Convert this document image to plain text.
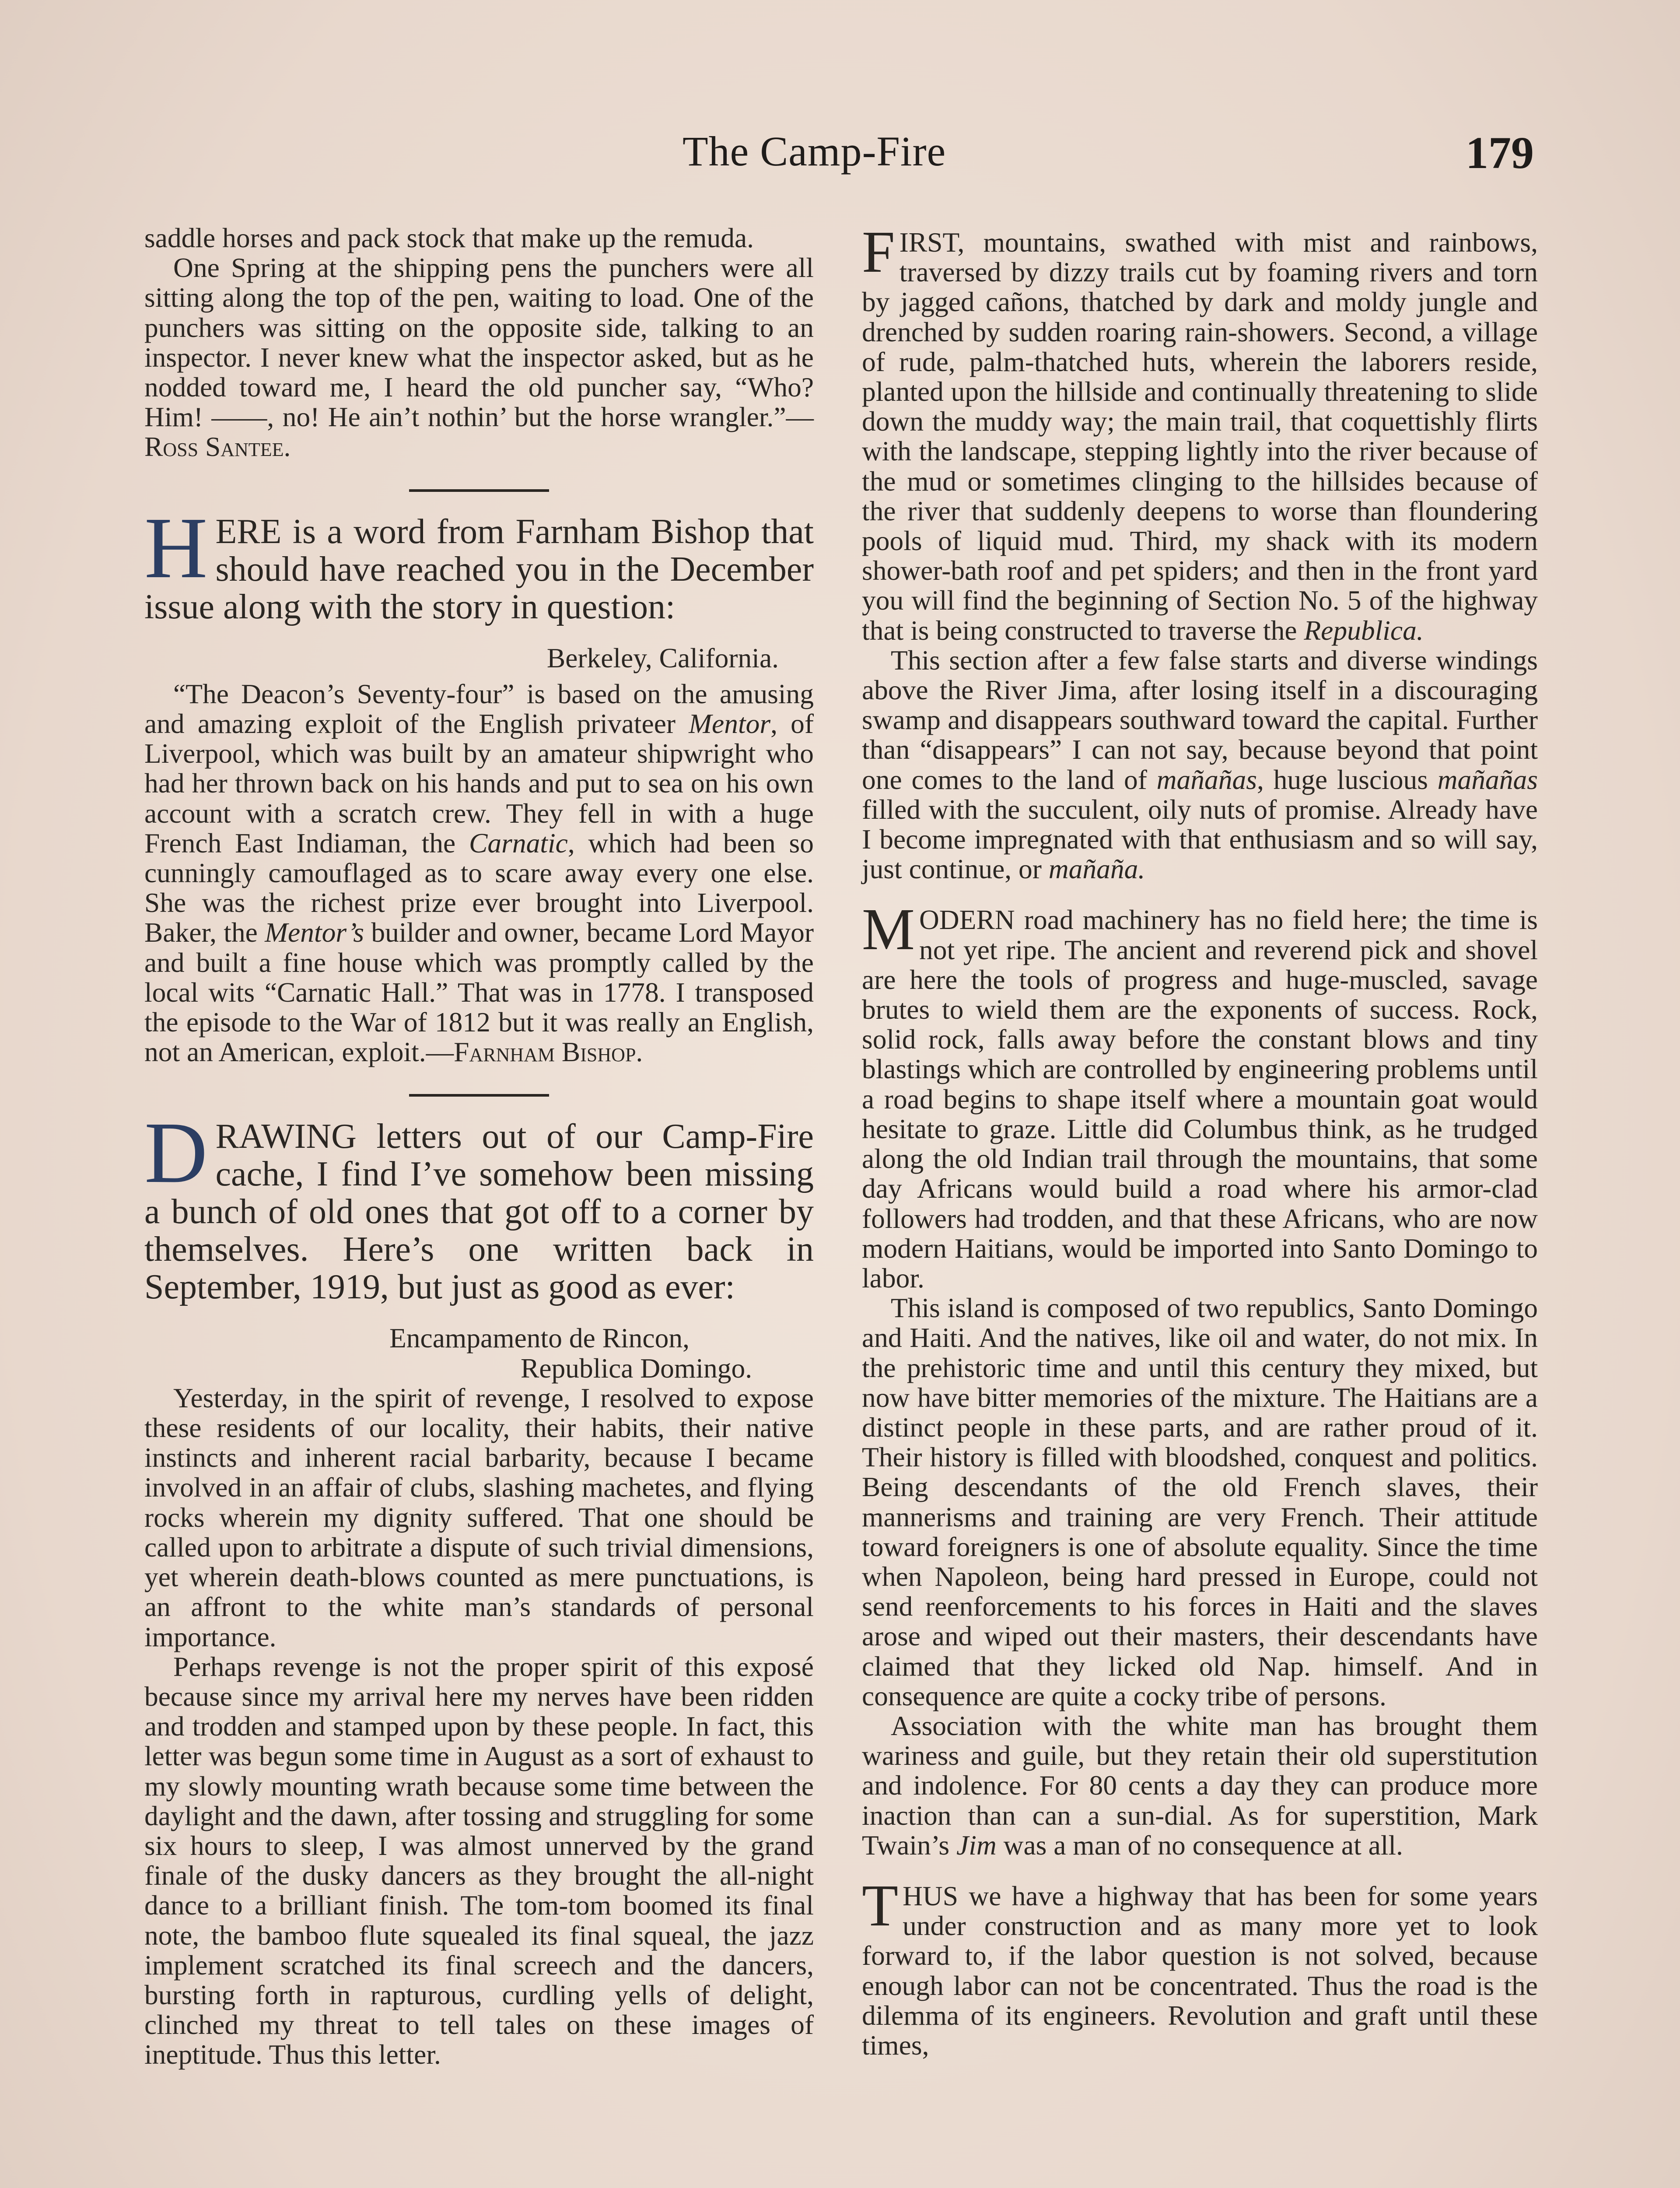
The Camp-Fire	179

saddle horses and pack stock that make up the remuda.

One Spring at the shipping pens the punchers were all sitting along the top of the pen, waiting to load. One of the punchers was sitting on the opposite side, talking to an inspector. I never knew what the inspector asked, but as he nodded toward me, I heard the old puncher say, “Who? Him! ——, no! He ain’t nothin’ but the horse wrangler.”—Ross Santee.

HERE is a word from Farnham Bishop that should have reached you in the December issue along with the story in question:

Berkeley, California.

“The Deacon’s Seventy-four” is based on the amusing and amazing exploit of the English privateer Mentor, of Liverpool, which was built by an amateur shipwright who had her thrown back on his hands and put to sea on his own account with a scratch crew. They fell in with a huge French East Indiaman, the Carnatic, which had been so cunningly camouflaged as to scare away every one else. She was the richest prize ever brought into Liverpool. Baker, the Mentor’s builder and owner, became Lord Mayor and built a fine house which was promptly called by the local wits “Carnatic Hall.” That was in 1778. I transposed the episode to the War of 1812 but it was really an English, not an American, exploit.—Farnham Bishop.

DRAWING letters out of our Camp-Fire cache, I find I’ve somehow been missing a bunch of old ones that got off to a corner by themselves. Here’s one written back in September, 1919, but just as good as ever:

Encampamento de Rincon,

Republica Domingo.

Yesterday, in the spirit of revenge, I resolved to expose these residents of our locality, their habits, their native instincts and inherent racial barbarity, because I became involved in an affair of clubs, slashing machetes, and flying rocks wherein my dignity suffered. That one should be called upon to arbitrate a dispute of such trivial dimensions, yet wherein death-blows counted as mere punctuations, is an affront to the white man’s standards of personal importance.

Perhaps revenge is not the proper spirit of this exposé because since my arrival here my nerves have been ridden and trodden and stamped upon by these people. In fact, this letter was begun some time in August as a sort of exhaust to my slowly mounting wrath because some time between the daylight and the dawn, after tossing and struggling for some six hours to sleep, I was almost unnerved by the grand finale of the dusky dancers as they brought the all-night dance to a brilliant finish. The tom-tom boomed its final note, the bamboo flute squealed its final squeal, the jazz implement scratched its final screech and the dancers, bursting forth in rapturous, curdling yells of delight, clinched my threat to tell tales on these images of ineptitude. Thus this letter.

FIRST, mountains, swathed with mist and rainbows, traversed by dizzy trails cut by foaming rivers and torn by jagged cañons, thatched by dark and moldy jungle and drenched by sudden roaring rain-showers. Second, a village of rude, palm-thatched huts, wherein the laborers reside, planted upon the hillside and continually threatening to slide down the muddy way; the main trail, that coquettishly flirts with the landscape, stepping lightly into the river because of the mud or sometimes clinging to the hillsides because of the river that suddenly deepens to worse than floundering pools of liquid mud. Third, my shack with its modern shower-bath roof and pet spiders; and then in the front yard you will find the beginning of Section No. 5 of the highway that is being constructed to traverse the Republica.

This section after a few false starts and diverse windings above the River Jima, after losing itself in a discouraging swamp and disappears southward toward the capital. Further than “disappears” I can not say, because beyond that point one comes to the land of mañañas, huge luscious mañañas filled with the succulent, oily nuts of promise. Already have I become impregnated with that enthusiasm and so will say, just continue, or mañaña.

MODERN road machinery has no field here; the time is not yet ripe. The ancient and reverend pick and shovel are here the tools of progress and huge-muscled, savage brutes to wield them are the exponents of success. Rock, solid rock, falls away before the constant blows and tiny blastings which are controlled by engineering problems until a road begins to shape itself where a mountain goat would hesitate to graze. Little did Columbus think, as he trudged along the old Indian trail through the mountains, that some day Africans would build a road where his armor-clad followers had trodden, and that these Africans, who are now modern Haitians, would be imported into Santo Domingo to labor.

This island is composed of two republics, Santo Domingo and Haiti. And the natives, like oil and water, do not mix. In the prehistoric time and until this century they mixed, but now have bitter memories of the mixture. The Haitians are a distinct people in these parts, and are rather proud of it. Their history is filled with bloodshed, conquest and politics. Being descendants of the old French slaves, their mannerisms and training are very French. Their attitude toward foreigners is one of absolute equality. Since the time when Napoleon, being hard pressed in Europe, could not send reenforcements to his forces in Haiti and the slaves arose and wiped out their masters, their descendants have claimed that they licked old Nap. himself. And in consequence are quite a cocky tribe of persons.

Association with the white man has brought them wariness and guile, but they retain their old superstitution and indolence. For 80 cents a day they can produce more inaction than can a sun-dial. As for superstition, Mark Twain’s Jim was a man of no consequence at all.

THUS we have a highway that has been for some years under construction and as many more yet to look forward to, if the labor question is not solved, because enough labor can not be concentrated. Thus the road is the dilemma of its engineers. Revolution and graft until these times,
